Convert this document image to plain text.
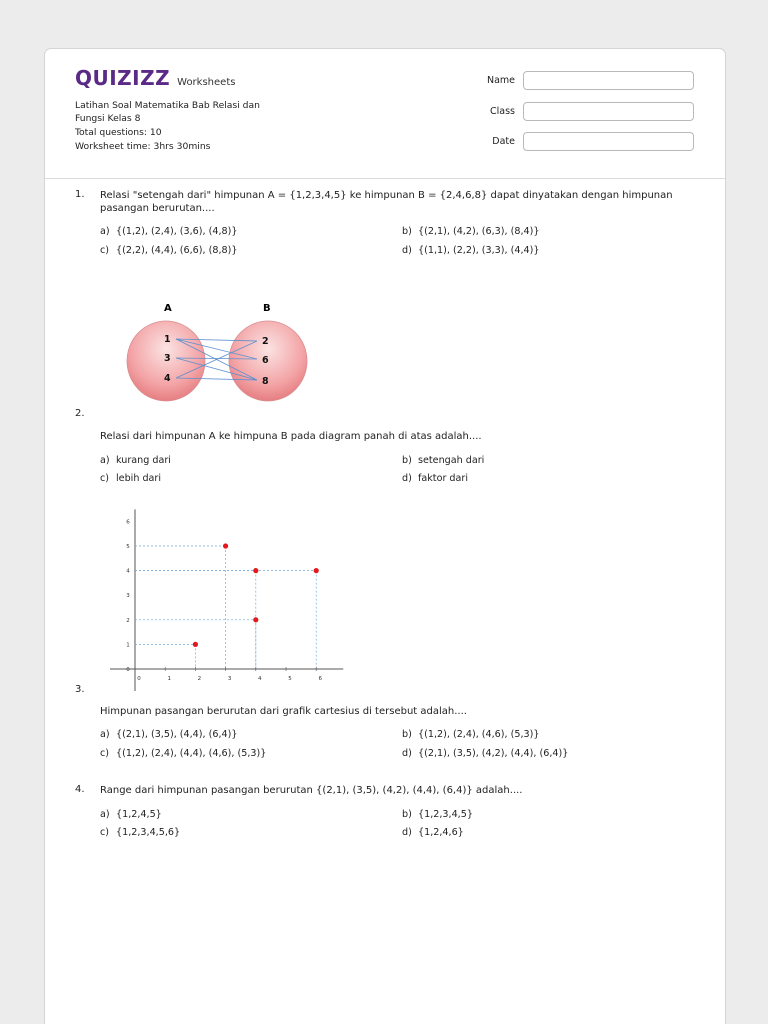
QUIZIZZ Worksheets
Latihan Soal Matematika Bab Relasi dan
Fungsi Kelas 8
Total questions: 10
Worksheet time: 3hrs 30mins
Name
Class
Date
1. Relasi "setengah dari" himpunan A = {1,2,3,4,5} ke himpunan B = {2,4,6,8} dapat dinyatakan dengan himpunan
pasangan berurutan....
a) {(1,2), (2,4), (3,6), (4,8)}	b) {(2,1), (4,2), (6,3), (8,4)}
c) {(2,2), (4,4), (6,6), (8,8)}	d) {(1,1), (2,2), (3,3), (4,4)}
A	B
1
3
4
2
6
8
2.
Relasi dari himpunan A ke himpuna B pada diagram panah di atas adalah....
a) kurang dari	b) setengah dari
c) lebih dari	d) faktor dari
0	1	2	3	4	5	6
0
1
2
3
4
5
6
3.
Himpunan pasangan berurutan dari grafik cartesius di tersebut adalah....
a) {(2,1), (3,5), (4,4), (6,4)}	b) {(1,2), (2,4), (4,6), (5,3)}
c) {(1,2), (2,4), (4,4), (4,6), (5,3)}	d) {(2,1), (3,5), (4,2), (4,4), (6,4)}
4. Range dari himpunan pasangan berurutan {(2,1), (3,5), (4,2), (4,4), (6,4)} adalah....
a) {1,2,4,5}	b) {1,2,3,4,5}
c) {1,2,3,4,5,6}	d) {1,2,4,6}
